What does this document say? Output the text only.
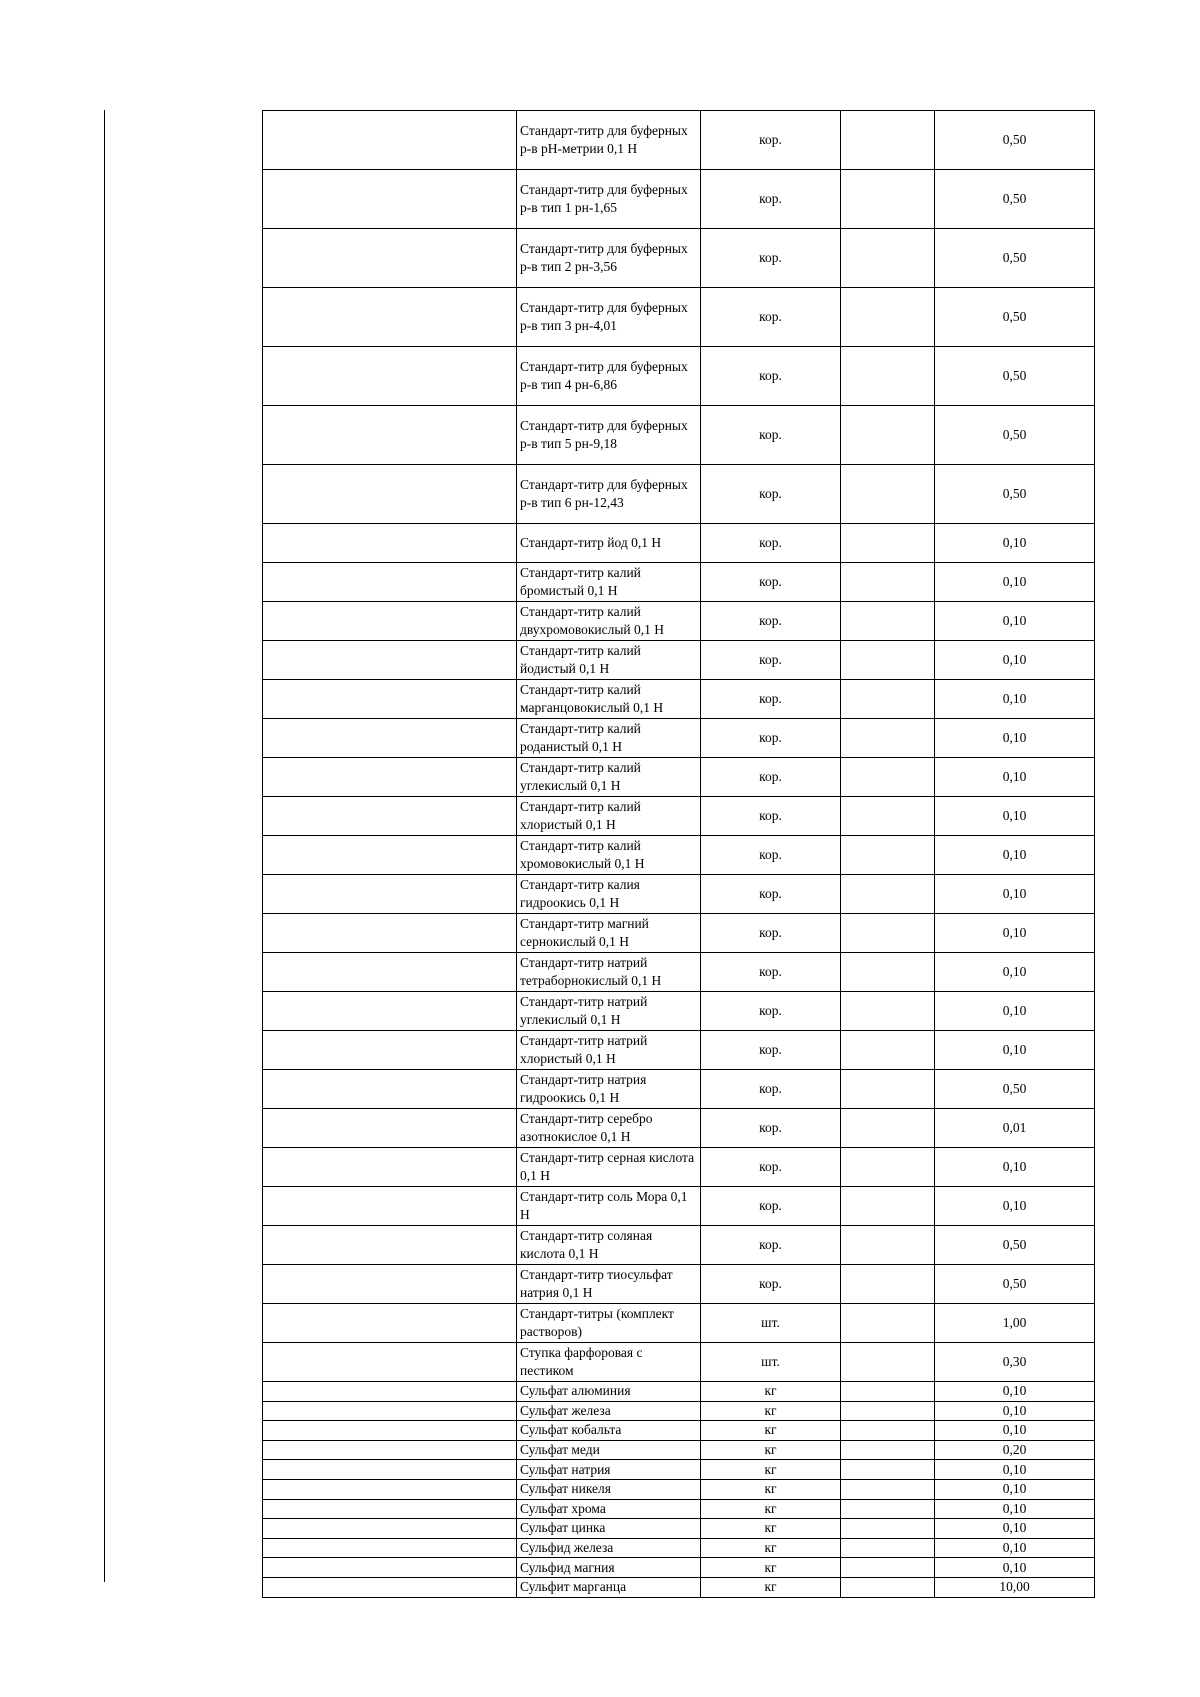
	Стандарт-титр для буферных р-в pH-метрии 0,1 Н	кор.		0,50
	Стандарт-титр для буферных р-в тип 1 рн-1,65	кор.		0,50
	Стандарт-титр для буферных р-в тип 2 рн-3,56	кор.		0,50
	Стандарт-титр для буферных р-в тип 3 рн-4,01	кор.		0,50
	Стандарт-титр для буферных р-в тип 4 рн-6,86	кор.		0,50
	Стандарт-титр для буферных р-в тип 5 рн-9,18	кор.		0,50
	Стандарт-титр для буферных р-в тип 6 рн-12,43	кор.		0,50
	Стандарт-титр йод 0,1 Н	кор.		0,10
	Стандарт-титр калий бромистый 0,1 Н	кор.		0,10
	Стандарт-титр калий двухромовокислый 0,1 Н	кор.		0,10
	Стандарт-титр калий йодистый 0,1 Н	кор.		0,10
	Стандарт-титр калий марганцовокислый 0,1 Н	кор.		0,10
	Стандарт-титр калий роданистый 0,1 Н	кор.		0,10
	Стандарт-титр калий углекислый 0,1 Н	кор.		0,10
	Стандарт-титр калий хлористый 0,1 Н	кор.		0,10
	Стандарт-титр калий хромовокислый 0,1 Н	кор.		0,10
	Стандарт-титр калия гидроокись 0,1 Н	кор.		0,10
	Стандарт-титр магний сернокислый 0,1 Н	кор.		0,10
	Стандарт-титр натрий тетраборнокислый 0,1 Н	кор.		0,10
	Стандарт-титр натрий углекислый 0,1 Н	кор.		0,10
	Стандарт-титр натрий хлористый 0,1 Н	кор.		0,10
	Стандарт-титр натрия гидроокись 0,1 Н	кор.		0,50
	Стандарт-титр серебро азотнокислое 0,1 Н	кор.		0,01
	Стандарт-титр серная кислота 0,1 Н	кор.		0,10
	Стандарт-титр соль Мора 0,1 Н	кор.		0,10
	Стандарт-титр соляная кислота 0,1 Н	кор.		0,50
	Стандарт-титр тиосульфат натрия 0,1 Н	кор.		0,50
	Стандарт-титры (комплект растворов)	шт.		1,00
	Ступка фарфоровая с пестиком	шт.		0,30
	Сульфат алюминия	кг		0,10
	Сульфат железа	кг		0,10
	Сульфат кобальта	кг		0,10
	Сульфат меди	кг		0,20
	Сульфат натрия	кг		0,10
	Сульфат никеля	кг		0,10
	Сульфат хрома	кг		0,10
	Сульфат цинка	кг		0,10
	Сульфид железа	кг		0,10
	Сульфид магния	кг		0,10
	Сульфит марганца	кг		10,00
